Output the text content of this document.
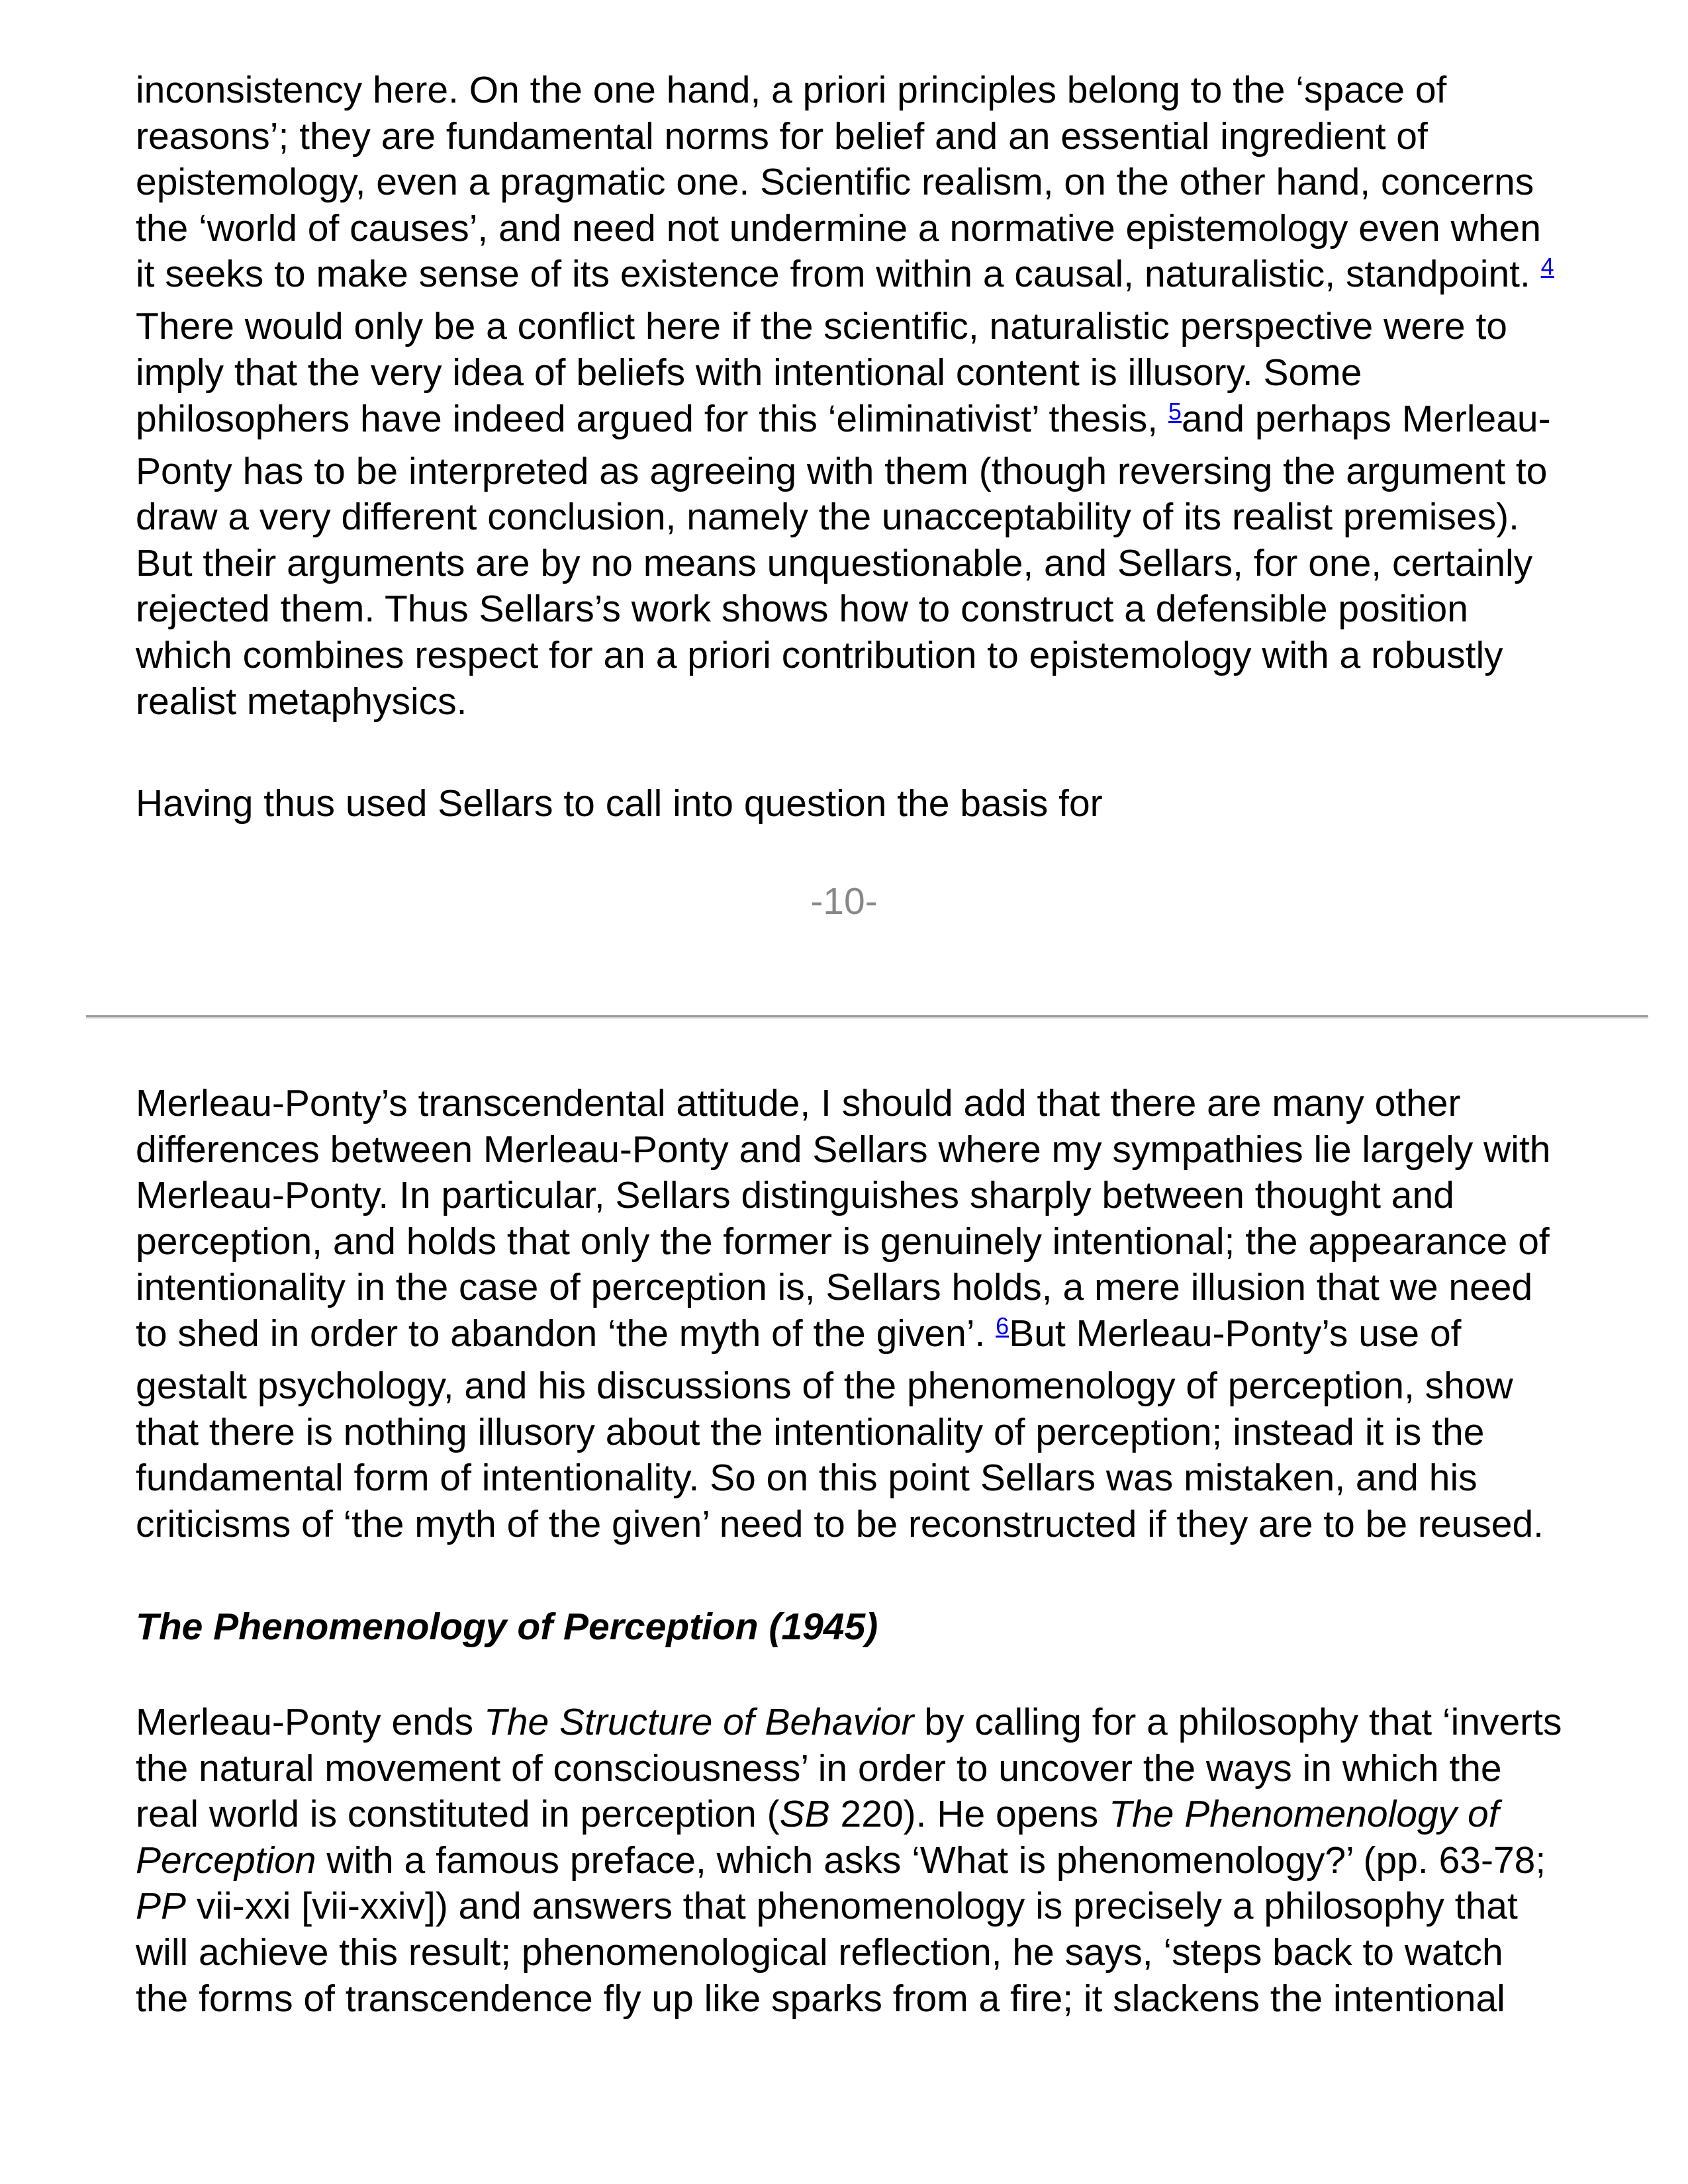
inconsistency here. On the one hand, a priori principles belong to the ‘space of
reasons’; they are fundamental norms for belief and an essential ingredient of
epistemology, even a pragmatic one. Scientific realism, on the other hand, concerns
the ‘world of causes’, and need not undermine a normative epistemology even when
it seeks to make sense of its existence from within a causal, naturalistic, standpoint. $^4$
There would only be a conflict here if the scientific, naturalistic perspective were to
imply that the very idea of beliefs with intentional content is illusory. Some
philosophers have indeed argued for this ‘eliminativist’ thesis, $^5$and perhaps Merleau-
Ponty has to be interpreted as agreeing with them (though reversing the argument to
draw a very different conclusion, namely the unacceptability of its realist premises).
But their arguments are by no means unquestionable, and Sellars, for one, certainly
rejected them. Thus Sellars’s work shows how to construct a defensible position
which combines respect for an a priori contribution to epistemology with a robustly
realist metaphysics.
Having thus used Sellars to call into question the basis for
-10-
Merleau-Ponty’s transcendental attitude, I should add that there are many other
differences between Merleau-Ponty and Sellars where my sympathies lie largely with
Merleau-Ponty. In particular, Sellars distinguishes sharply between thought and
perception, and holds that only the former is genuinely intentional; the appearance of
intentionality in the case of perception is, Sellars holds, a mere illusion that we need
to shed in order to abandon ‘the myth of the given’. $^6$But Merleau-Ponty’s use of
gestalt psychology, and his discussions of the phenomenology of perception, show
that there is nothing illusory about the intentionality of perception; instead it is the
fundamental form of intentionality. So on this point Sellars was mistaken, and his
criticisms of ‘the myth of the given’ need to be reconstructed if they are to be reused.
The Phenomenology of Perception (1945)
Merleau-Ponty ends The Structure of Behavior by calling for a philosophy that ‘inverts
the natural movement of consciousness’ in order to uncover the ways in which the
real world is constituted in perception (SB 220). He opens The Phenomenology of
Perception with a famous preface, which asks ‘What is phenomenology?’ (pp. 63-78;
PP vii-xxi [vii-xxiv]) and answers that phenomenology is precisely a philosophy that
will achieve this result; phenomenological reflection, he says, ‘steps back to watch
the forms of transcendence fly up like sparks from a fire; it slackens the intentional
